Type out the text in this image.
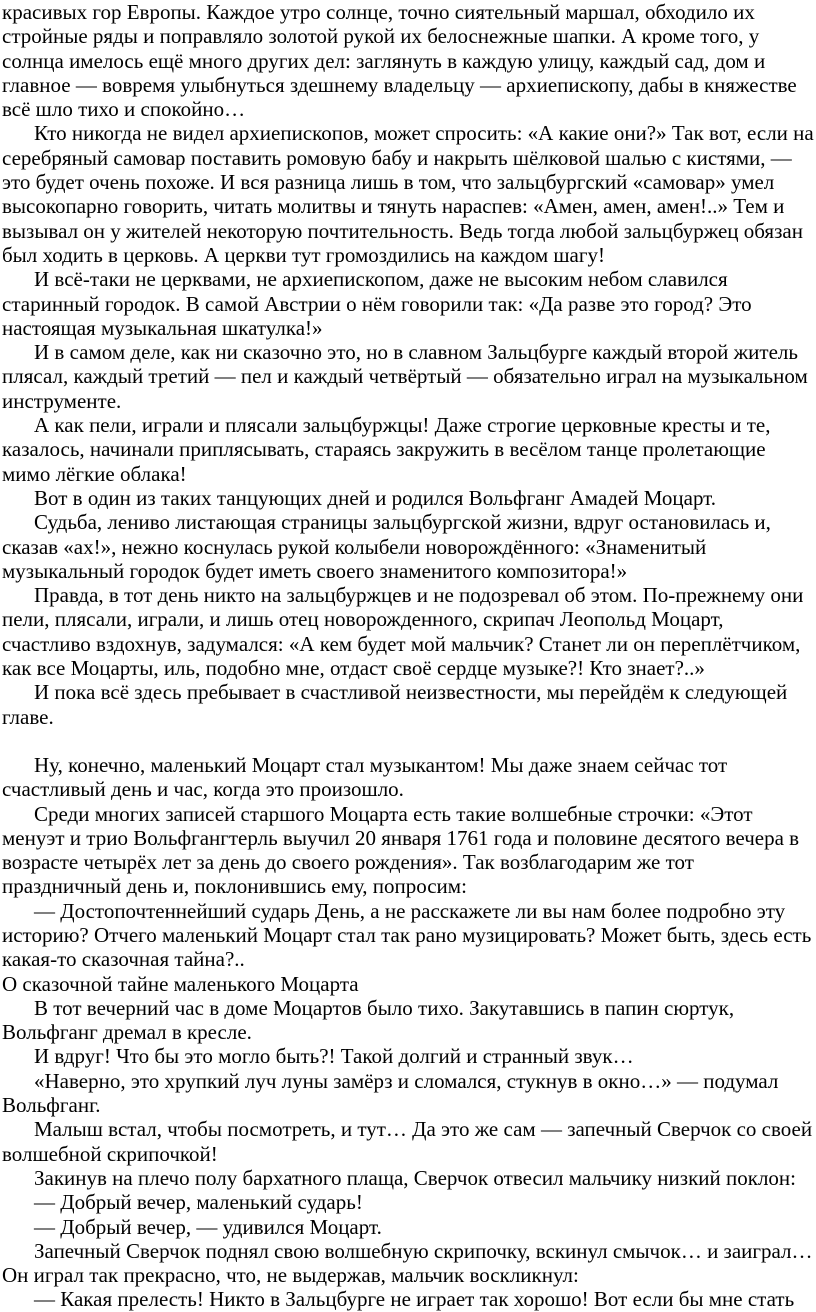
красивых гор Европы. Каждое утро солнце, точно сиятельный маршал, обходило их стройные ряды и поправляло золотой рукой их белоснежные шапки. А кроме того, у солнца имелось ещё много других дел: заглянуть в каждую улицу, каждый сад, дом и главное — вовремя улыбнуться здешнему владельцу — архиепископу, дабы в княжестве всё шло тихо и спокойно…

Кто никогда не видел архиепископов, может спросить: «А какие они?» Так вот, если на серебряный самовар поставить ромовую бабу и накрыть шёлковой шалью с кистями, — это будет очень похоже. И вся разница лишь в том, что зальцбургский «самовар» умел высокопарно говорить, читать молитвы и тянуть нараспев: «Амен, амен, амен!..» Тем и вызывал он у жителей некоторую почтительность. Ведь тогда любой зальцбуржец обязан был ходить в церковь. А церкви тут громоздились на каждом шагу!

И всё-таки не церквами, не архиепископом, даже не высоким небом славился старинный городок. В самой Австрии о нём говорили так: «Да разве это город? Это настоящая музыкальная шкатулка!»

И в самом деле, как ни сказочно это, но в славном Зальцбурге каждый второй житель плясал, каждый третий — пел и каждый четвёртый — обязательно играл на музыкальном инструменте.

А как пели, играли и плясали зальцбуржцы! Даже строгие церковные кресты и те, казалось, начинали приплясывать, стараясь закружить в весёлом танце пролетающие мимо лёгкие облака!

Вот в один из таких танцующих дней и родился Вольфганг Амадей Моцарт.

Судьба, лениво листающая страницы зальцбургской жизни, вдруг остановилась и, сказав «ах!», нежно коснулась рукой колыбели новорождённого: «Знаменитый музыкальный городок будет иметь своего знаменитого композитора!»

Правда, в тот день никто на зальцбуржцев и не подозревал об этом. По-прежнему они пели, плясали, играли, и лишь отец новорожденного, скрипач Леопольд Моцарт, счастливо вздохнув, задумался: «А кем будет мой мальчик? Станет ли он переплётчиком, как все Моцарты, иль, подобно мне, отдаст своё сердце музыке?! Кто знает?..»

И пока всё здесь пребывает в счастливой неизвестности, мы перейдём к следующей главе.

Ну, конечно, маленький Моцарт стал музыкантом! Мы даже знаем сейчас тот счастливый день и час, когда это произошло.

Среди многих записей старшого Моцарта есть такие волшебные строчки: «Этот менуэт и трио Вольфгангтерль выучил 20 января 1761 года и половине десятого вечера в возрасте четырёх лет за день до своего рождения». Так возблагодарим же тот праздничный день и, поклонившись ему, попросим:

— Достопочтеннейший сударь День, а не расскажете ли вы нам более подробно эту историю? Отчего маленький Моцарт стал так рано музицировать? Может быть, здесь есть какая-то сказочная тайна?..

О сказочной тайне маленького Моцарта

В тот вечерний час в доме Моцартов было тихо. Закутавшись в папин сюртук, Вольфганг дремал в кресле.

И вдруг! Что бы это могло быть?! Такой долгий и странный звук…

«Наверно, это хрупкий луч луны замёрз и сломался, стукнув в окно…» — подумал Вольфганг.

Малыш встал, чтобы посмотреть, и тут… Да это же сам — запечный Сверчок со своей волшебной скрипочкой!

Закинув на плечо полу бархатного плаща, Сверчок отвесил мальчику низкий поклон:

— Добрый вечер, маленький сударь!

— Добрый вечер, — удивился Моцарт.

Запечный Сверчок поднял свою волшебную скрипочку, вскинул смычок… и заиграл… Он играл так прекрасно, что, не выдержав, мальчик воскликнул:

— Какая прелесть! Никто в Зальцбурге не играет так хорошо! Вот если бы мне стать
